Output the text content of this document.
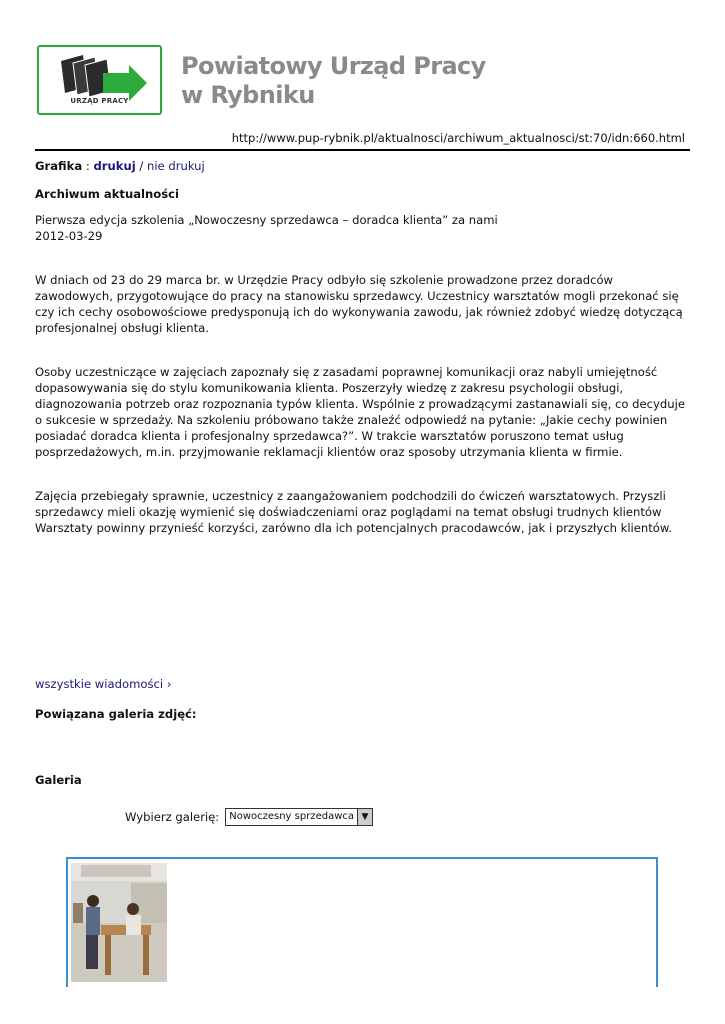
URZĄD PRACY
Powiatowy Urząd Pracy
w Rybniku
http://www.pup-rybnik.pl/aktualnosci/archiwum_aktualnosci/st:70/idn:660.html
Grafika : drukuj / nie drukuj
Archiwum aktualności
Pierwsza edycja szkolenia „Nowoczesny sprzedawca – doradca klienta” za nami
2012-03-29

W dniach od 23 do 29 marca br. w Urzędzie Pracy odbyło się szkolenie prowadzone przez doradców zawodowych, przygotowujące do pracy na stanowisku sprzedawcy. Uczestnicy warsztatów mogli przekonać się czy ich cechy osobowościowe predysponują ich do wykonywania zawodu, jak również zdobyć wiedzę dotyczącą profesjonalnej obsługi klienta.

Osoby uczestniczące w zajęciach zapoznały się z zasadami poprawnej komunikacji oraz nabyli umiejętność dopasowywania się do stylu komunikowania klienta. Poszerzyły wiedzę z zakresu psychologii obsługi, diagnozowania potrzeb oraz rozpoznania typów klienta. Wspólnie z prowadzącymi zastanawiali się, co decyduje o sukcesie w sprzedaży. Na szkoleniu próbowano także znaleźć odpowiedź na pytanie: „Jakie cechy powinien posiadać doradca klienta i profesjonalny sprzedawca?”. W trakcie warsztatów poruszono temat usług posprzedażowych, m.in. przyjmowanie reklamacji klientów oraz sposoby utrzymania klienta w firmie.

Zajęcia przebiegały sprawnie, uczestnicy z zaangażowaniem podchodzili do ćwiczeń warsztatowych. Przyszli sprzedawcy mieli okazję wymienić się doświadczeniami oraz poglądami na temat obsługi trudnych klientów Warsztaty powinny przynieść korzyści, zarówno dla ich potencjalnych pracodawców, jak i przyszłych klientów.

wszystkie wiadomości ›
Powiązana galeria zdjęć:
Galeria
Wybierz galerię:	Nowoczesny sprzedawca ▼
